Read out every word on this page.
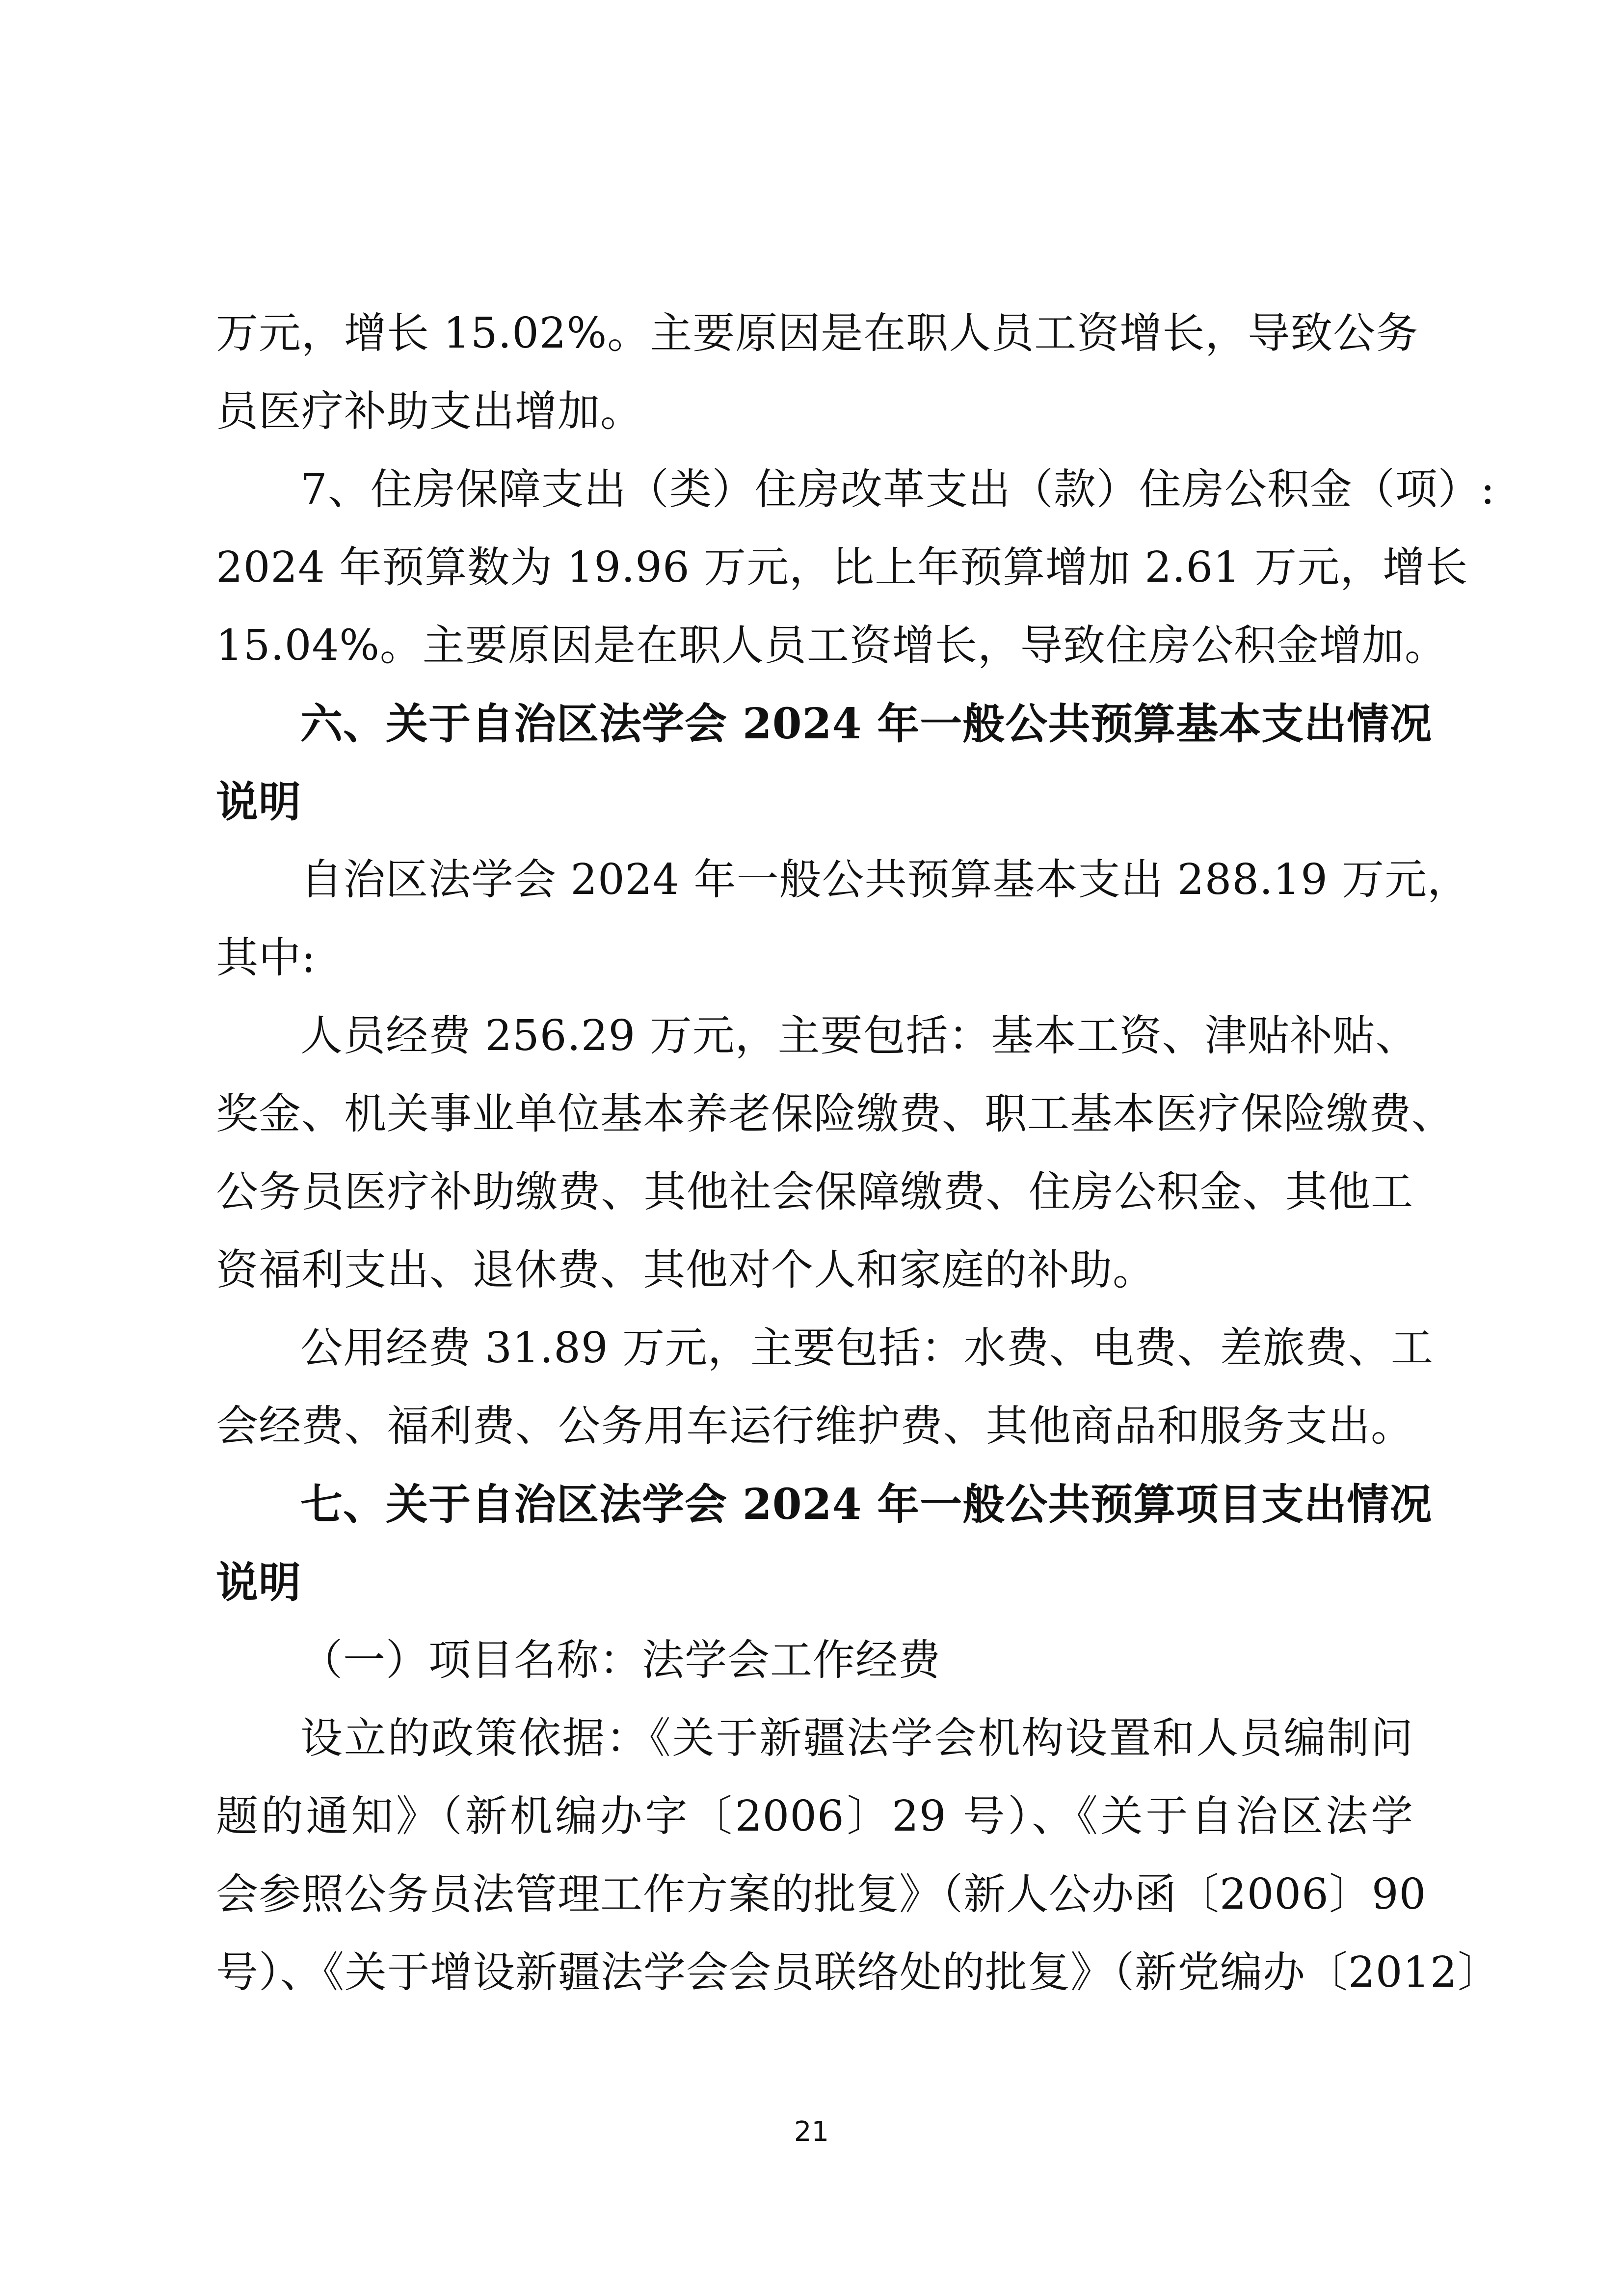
万元，增长 15.02%。主要原因是在职人员工资增长，导致公务
员医疗补助支出增加。
7、住房保障支出（类）住房改革支出（款）住房公积金（项）:
2024 年预算数为 19.96 万元，比上年预算增加 2.61 万元，增长
15.04%。主要原因是在职人员工资增长，导致住房公积金增加。
六、关于自治区法学会 2024 年一般公共预算基本支出情况
说明
自治区法学会 2024 年一般公共预算基本支出 288.19 万元，
其中:
人员经费 256.29 万元，主要包括：基本工资、津贴补贴、
奖金、机关事业单位基本养老保险缴费、职工基本医疗保险缴费、
公务员医疗补助缴费、其他社会保障缴费、住房公积金、其他工
资福利支出、退休费、其他对个人和家庭的补助。
公用经费 31.89 万元，主要包括：水费、电费、差旅费、工
会经费、福利费、公务用车运行维护费、其他商品和服务支出。
七、关于自治区法学会 2024 年一般公共预算项目支出情况
说明
（一）项目名称：法学会工作经费
设立的政策依据：《关于新疆法学会机构设置和人员编制问
题的通知》（新机编办字〔2006〕29 号）、《关于自治区法学
会参照公务员法管理工作方案的批复》（新人公办函〔2006〕90
号）、《关于增设新疆法学会会员联络处的批复》（新党编办〔2012〕
21
